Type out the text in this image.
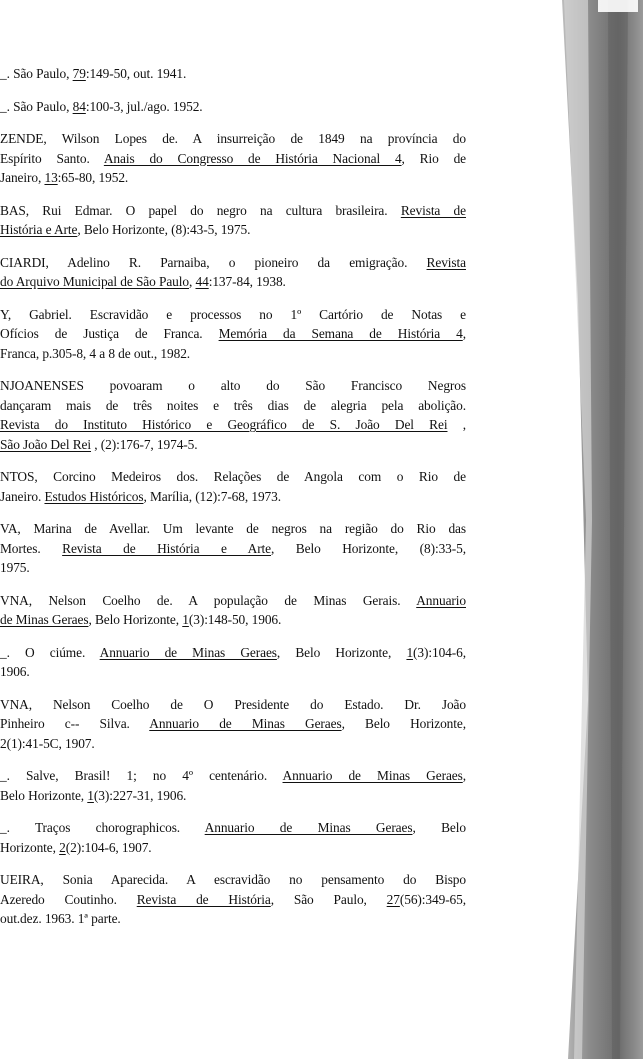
_. São Paulo, 79:149-50, out. 1941.
_. São Paulo, 84:100-3, jul./ago. 1952.
ZENDE, Wilson Lopes de. A insurreição de 1849 na província do
Espírito Santo. Anais do Congresso de História Nacional 4, Rio de
Janeiro, 13:65-80, 1952.
BAS, Rui Edmar. O papel do negro na cultura brasileira. Revista de
História e Arte, Belo Horizonte, (8):43-5, 1975.
CIARDI, Adelino R. Parnaiba, o pioneiro da emigração. Revista
do Arquivo Municipal de São Paulo, 44:137-84, 1938.
Y, Gabriel. Escravidão e processos no 1º Cartório de Notas e
Ofícios de Justiça de Franca. Memória da Semana de História 4,
Franca, p.305-8, 4 a 8 de out., 1982.
NJOANENSES povoaram o alto do São Francisco Negros
dançaram mais de três noites e três dias de alegria pela abolição.
Revista do Instituto Histórico e Geográfico de S. João Del Rei ,
São João Del Rei , (2):176-7, 1974-5.
NTOS, Corcino Medeiros dos. Relações de Angola com o Rio de
Janeiro. Estudos Históricos, Marília, (12):7-68, 1973.
VA, Marina de Avellar. Um levante de negros na região do Rio das
Mortes. Revista de História e Arte, Belo Horizonte, (8):33-5,
1975.
VNA, Nelson Coelho de. A população de Minas Gerais. Annuario
de Minas Geraes, Belo Horizonte, 1(3):148-50, 1906.
_. O ciúme. Annuario de Minas Geraes, Belo Horizonte, 1(3):104-6,
1906.
VNA, Nelson Coelho de O Presidente do Estado. Dr. João
Pinheiro c-- Silva. Annuario de Minas Geraes, Belo Horizonte,
2(1):41-5C, 1907.
_. Salve, Brasil! 1; no 4º centenário. Annuario de Minas Geraes,
Belo Horizonte, 1(3):227-31, 1906.
_. Traços chorographicos. Annuario de Minas Geraes, Belo
Horizonte, 2(2):104-6, 1907.
UEIRA, Sonia Aparecida. A escravidão no pensamento do Bispo
Azeredo Coutinho. Revista de História, São Paulo, 27(56):349-65,
out.dez. 1963. 1ª parte.
